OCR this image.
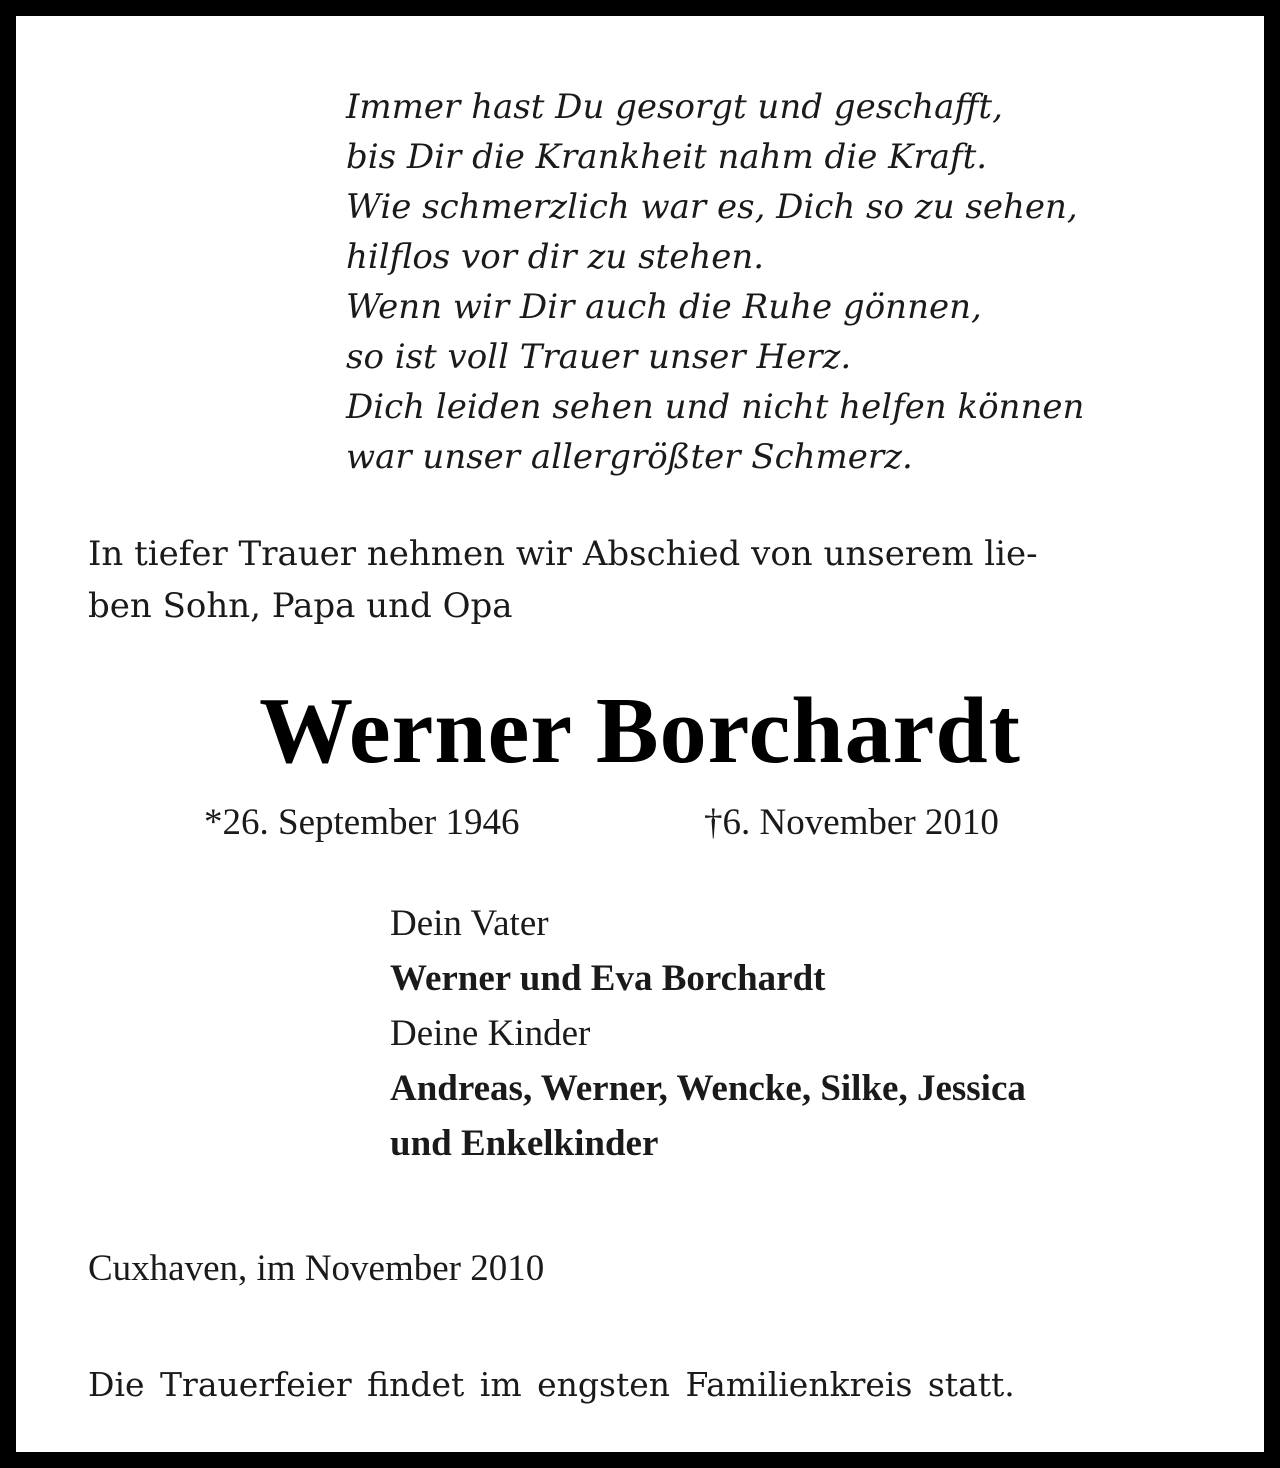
Immer hast Du gesorgt und geschafft,
bis Dir die Krankheit nahm die Kraft.
Wie schmerzlich war es, Dich so zu sehen,
hilflos vor dir zu stehen.
Wenn wir Dir auch die Ruhe gönnen,
so ist voll Trauer unser Herz.
Dich leiden sehen und nicht helfen können
war unser allergrößter Schmerz.
In tiefer Trauer nehmen wir Abschied von unserem lie-
ben Sohn, Papa und Opa
Werner Borchardt
*26. September 1946	†6. November 2010
Dein Vater
Werner und Eva Borchardt
Deine Kinder
Andreas, Werner, Wencke, Silke, Jessica
und Enkelkinder
Cuxhaven, im November 2010
Die Trauerfeier findet im engsten Familienkreis statt.
